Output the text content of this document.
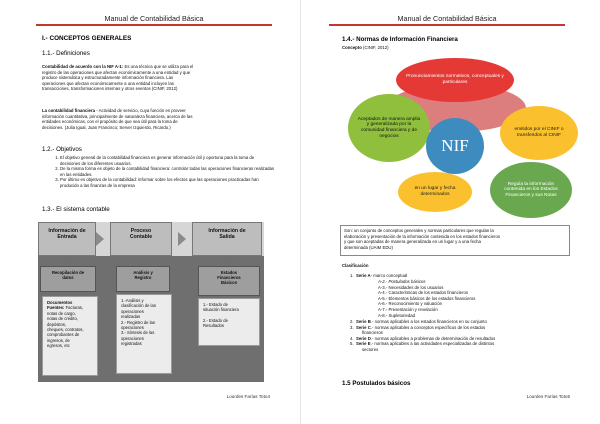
Manual de Contabilidad Básica
I.- CONCEPTOS GENERALES
1.1.- Definiciones
Contabilidad de acuerdo con la NIF A-1: Es una técnica que se utiliza para el
registro de las operaciones que afectan económicamente a una entidad y que
produce sistemática y estructuradamente información financiera. Las
operaciones que afectan económicamente a una entidad incluyen las
transacciones, transformaciones internas y otros eventos (CINIF, 2012)
La contabilidad financiera - Actividad de servicio, cuya función es proveer
información cuantitativa, principalmente de naturaleza financiera, acerca de las
entidades económicas, con el propósito de que sea útil para la toma de
decisiones. (Julia Igual, Juan Francisco; Server Izquierdo, Ricardo.)
1.2.- Objetivos
1. El objetivo general de la contabilidad financiera es generar información útil y oportuna para la toma de decisiones de los diferentes usuarios.
2. De la misma forma es objeto de la contabilidad financiera: controlar todas las operaciones financieras realizadas en las entidades.
3. Por último es objetivo de la contabilidad: informar sobre los efectos que las operaciones practicadas han producido a las finanzas de la empresa
1.3.- El sistema contable
Información de
Entrada
Proceso
Contable
Información de
Salida
Recopilación de
datos
Análisis y
Registro
Estados
Financieros
Básicos
Documentos
Fuentes: Facturas,
notas de cargo,
notas de crédito,
depósitos,
cheques, contratos,
comprobantes de
ingresos, de
egresos, etc
1.-Análisis y
clasificación de las
operaciones
realizadas
2.- Registro de las
operaciones
3.- Síntesis de las
operaciones
registradas
1.- Estado de
situación financiera
2.- Estado de
Resultados
Lourdes Farías Toto4
Manual de Contabilidad Básica
Lourdes Farías Toto5
1.4.- Normas de Información Financiera
Concepto (CINIF, 2012)
Pronunciamientos normativos, conceptuales y particulares
emitidos por el CINIF o transferidos al CINIF
Regula la información contenida en los Estados Financieros y sus Notas
en un lugar y fecha determinados
Aceptados de manera amplia y generalizada por la comunidad financiera y de negocios
NIF
Son: un conjunto de conceptos generales y normas particulares que regulan la
elaboración y presentación de la información contenida en los estados financieros
y que son aceptadas de manera generalizada en un lugar y a una fecha
determinada (UAIM EDU)
Clasificación
1. Serie A- marco conceptual
A-2.- Postulados básicos
A-3.- Necesidades de los usuarios
A-4.- Características de los estados financieros
A-5.- Elementos básicos de los estados financieros
A-6.- Reconocimiento y valuación
A-7.- Presentación y revelación
A-8.- Supletoriedad
2. Serie B.- normas aplicables a los estados financieros en su conjunto
3. Serie C.- normas aplicables a conceptos específicos de los estados
financieros
4. Serie D.- normas aplicables a problemas de determinación de resultados
5. Serie E.- normas aplicables a las actividades especializadas de distintos
sectores
1.5 Postulados básicos
